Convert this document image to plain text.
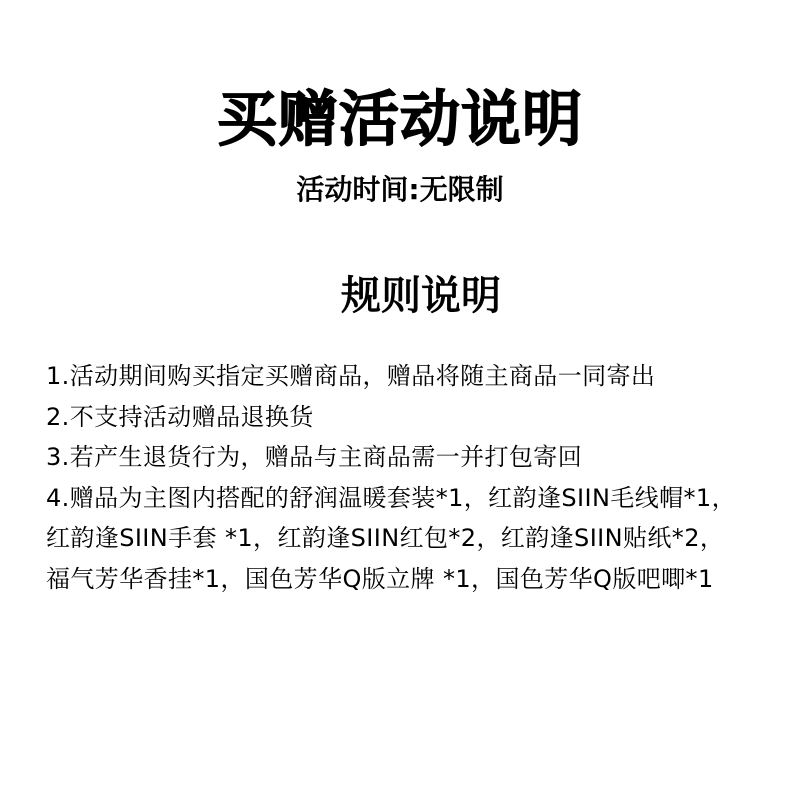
买赠活动说明
活动时间:无限制
规则说明
1.活动期间购买指定买赠商品，赠品将随主商品一同寄出
2.不支持活动赠品退换货
3.若产生退货行为，赠品与主商品需一并打包寄回
4.赠品为主图内搭配的舒润温暖套装*1，红韵逢SIIN毛线帽*1，红韵逢SIIN手套 *1，红韵逢SIIN红包*2，红韵逢SIIN贴纸*2，福气芳华香挂*1，国色芳华Q版立牌 *1，国色芳华Q版吧唧*1
